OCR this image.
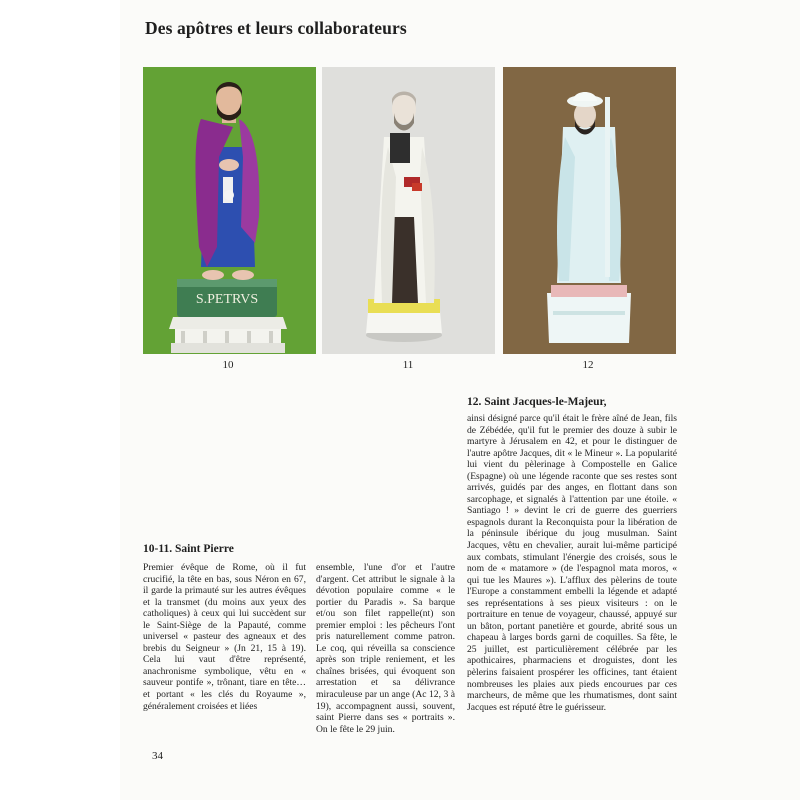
Des apôtres et leurs collaborateurs
S.PETRVS
10	11	12
10-11. Saint Pierre

Premier évêque de Rome, où il fut crucifié, la tête en bas, sous Néron en 67, il garde la primauté sur les autres évêques et la transmet (du moins aux yeux des catholiques) à ceux qui lui succèdent sur le Saint-Siège de la Papauté, comme universel « pasteur des agneaux et des brebis du Seigneur » (Jn 21, 15 à 19). Cela lui vaut d'être représenté, anachronisme symbolique, vêtu en « sauveur pontife », trônant, tiare en tête… et portant « les clés du Royaume », généralement croisées et liées

ensemble, l'une d'or et l'autre d'argent. Cet attribut le signale à la dévotion populaire comme « le portier du Paradis ». Sa barque et/ou son filet rappelle(nt) son premier emploi : les pêcheurs l'ont pris naturellement comme patron. Le coq, qui réveilla sa conscience après son triple reniement, et les chaînes brisées, qui évoquent son arrestation et sa délivrance miraculeuse par un ange (Ac 12, 3 à 19), accompagnent aussi, souvent, saint Pierre dans ses « portraits ». On le fête le 29 juin.

12. Saint Jacques-le-Majeur,

ainsi désigné parce qu'il était le frère aîné de Jean, fils de Zébédée, qu'il fut le premier des douze à subir le martyre à Jérusalem en 42, et pour le distinguer de l'autre apôtre Jacques, dit « le Mineur ». La popularité lui vient du pèlerinage à Compostelle en Galice (Espagne) où une légende raconte que ses restes sont arrivés, guidés par des anges, en flottant dans son sarcophage, et signalés à l'attention par une étoile. « Santiago ! » devint le cri de guerre des guerriers espagnols durant la Reconquista pour la libération de la péninsule ibérique du joug musulman. Saint Jacques, vêtu en chevalier, aurait lui-même participé aux combats, stimulant l'énergie des croisés, sous le nom de « matamore » (de l'espagnol mata moros, « qui tue les Maures »). L'afflux des pèlerins de toute l'Europe a constamment embelli la légende et adapté ses représentations à ses pieux visiteurs : on le portraiture en tenue de voyageur, chaussé, appuyé sur un bâton, portant panetière et gourde, abrité sous un chapeau à larges bords garni de coquilles. Sa fête, le 25 juillet, est particulièrement célébrée par les apothicaires, pharmaciens et droguistes, dont les pèlerins faisaient prospérer les officines, tant étaient nombreuses les plaies aux pieds encourues par ces marcheurs, de même que les rhumatismes, dont saint Jacques est réputé être le guérisseur.

34
